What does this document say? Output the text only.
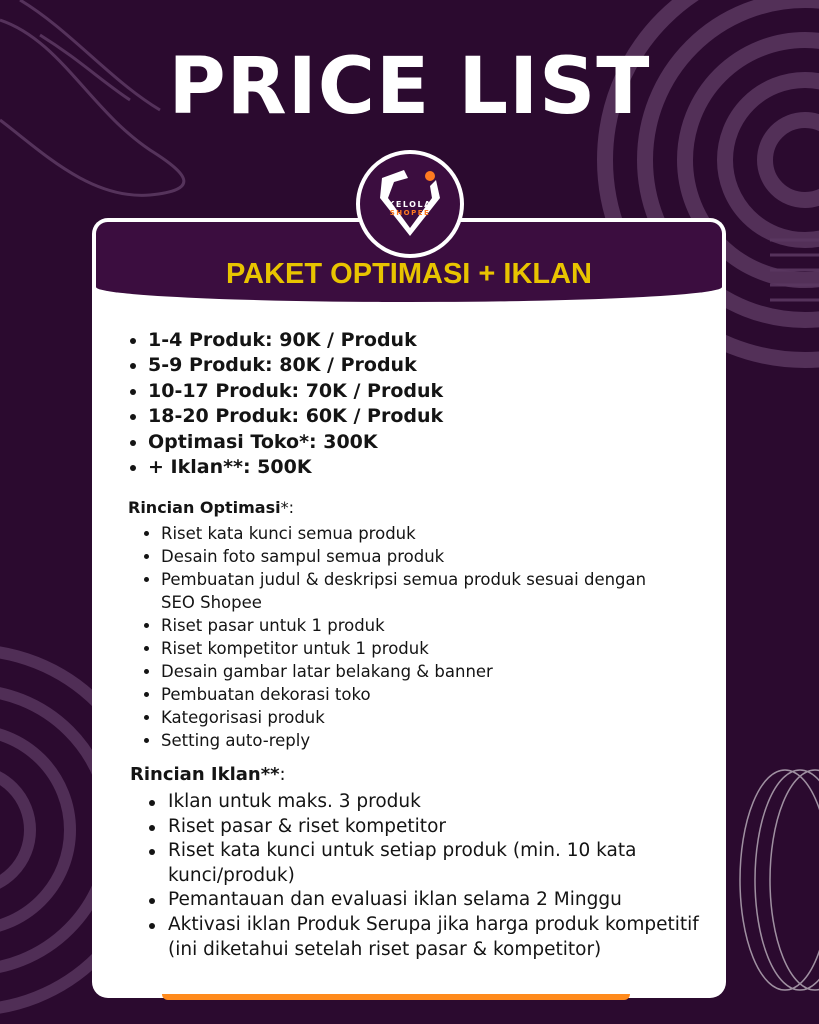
PRICE LIST
PAKET OPTIMASI + IKLAN
KELOLA
SHOPEE
1-4 Produk: 90K / Produk
5-9 Produk: 80K / Produk
10-17 Produk: 70K / Produk
18-20 Produk: 60K / Produk
Optimasi Toko*: 300K
+ Iklan**: 500K
Rincian Optimasi*:
Riset kata kunci semua produk
Desain foto sampul semua produk
Pembuatan judul & deskripsi semua produk sesuai dengan SEO Shopee
Riset pasar untuk 1 produk
Riset kompetitor untuk 1 produk
Desain gambar latar belakang & banner
Pembuatan dekorasi toko
Kategorisasi produk
Setting auto-reply
Rincian Iklan**:
Iklan untuk maks. 3 produk
Riset pasar & riset kompetitor
Riset kata kunci untuk setiap produk (min. 10 kata kunci/produk)
Pemantauan dan evaluasi iklan selama 2 Minggu
Aktivasi iklan Produk Serupa jika harga produk kompetitif (ini diketahui setelah riset pasar & kompetitor)
